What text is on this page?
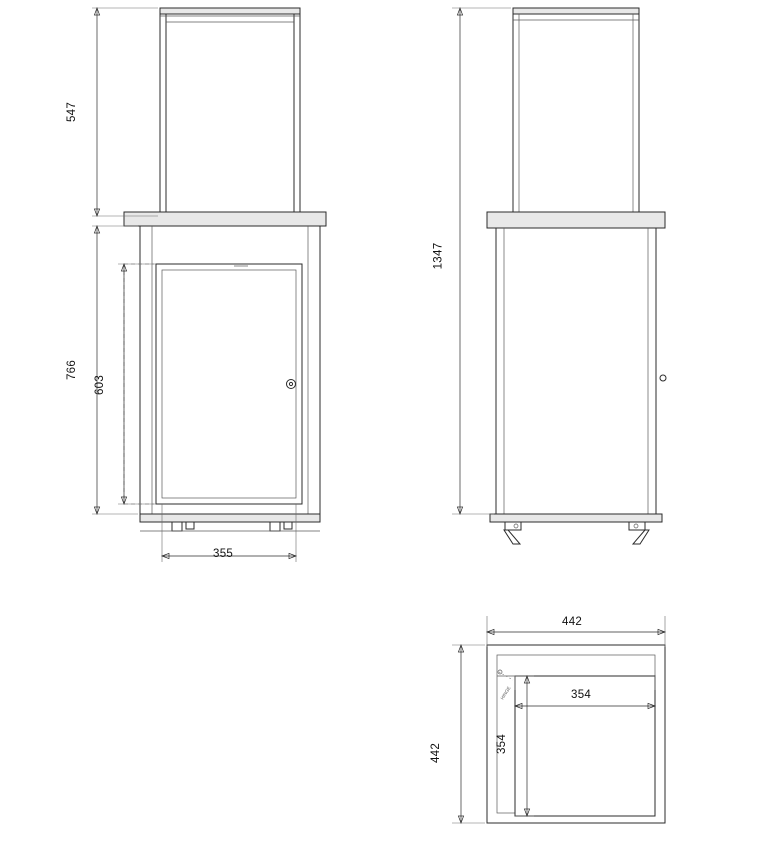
HINGE
547
766
603
355
1347
442
442
354
354
